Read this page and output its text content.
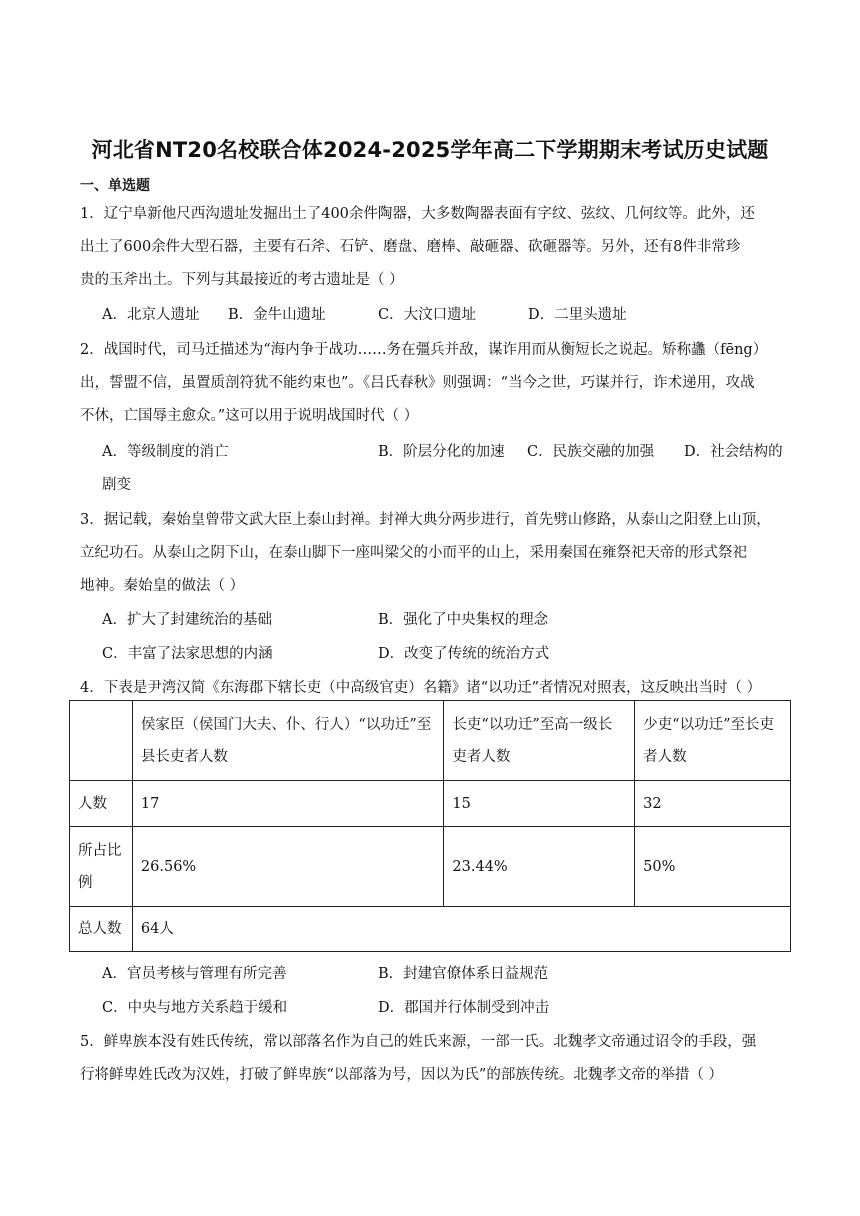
河北省NT20名校联合体2024-2025学年高二下学期期末考试历史试题
一、单选题
1．辽宁阜新他尺西沟遗址发掘出土了400余件陶器，大多数陶器表面有字纹、弦纹、几何纹等。此外，还
出土了600余件大型石器，主要有石斧、石铲、磨盘、磨棒、敲砸器、砍砸器等。另外，还有8件非常珍
贵的玉斧出土。下列与其最接近的考古遗址是（ ）
A．北京人遗址 B．金牛山遗址	C．大汶口遗址	D．二里头遗址
2．战国时代，司马迁描述为“海内争于战功……务在彊兵并敌，谋诈用而从衡短长之说起。矫称蠭（fēng）
出，誓盟不信，虽置质剖符犹不能约束也”。《吕氏春秋》则强调：“当今之世，巧谋并行，诈术递用，攻战
不休，亡国辱主愈众。”这可以用于说明战国时代（ ）
A．等级制度的消亡	B．阶层分化的加速 C．民族交融的加强 D．社会结构的
剧变
3．据记载，秦始皇曾带文武大臣上泰山封禅。封禅大典分两步进行，首先劈山修路，从泰山之阳登上山顶，
立纪功石。从泰山之阴下山，在泰山脚下一座叫梁父的小而平的山上，采用秦国在雍祭祀天帝的形式祭祀
地神。秦始皇的做法（ ）
A．扩大了封建统治的基础	B．强化了中央集权的理念
C．丰富了法家思想的内涵	D．改变了传统的统治方式
4．下表是尹湾汉简《东海郡下辖长吏（中高级官吏）名籍》诸“以功迁”者情况对照表，这反映出当时（ ）
	侯家臣（侯国门大夫、仆、行人）“以功迁”至县长吏者人数	长吏“以功迁”至高一级长吏者人数	少吏“以功迁”至长吏者人数
人数	17	15	32
所占比例	26.56%	23.44%	50%
总人数	64人		
A．官员考核与管理有所完善	B．封建官僚体系日益规范
C．中央与地方关系趋于缓和	D．郡国并行体制受到冲击
5．鲜卑族本没有姓氏传统，常以部落名作为自己的姓氏来源，一部一氏。北魏孝文帝通过诏令的手段，强
行将鲜卑姓氏改为汉姓，打破了鲜卑族“以部落为号，因以为氏”的部族传统。北魏孝文帝的举措（ ）
